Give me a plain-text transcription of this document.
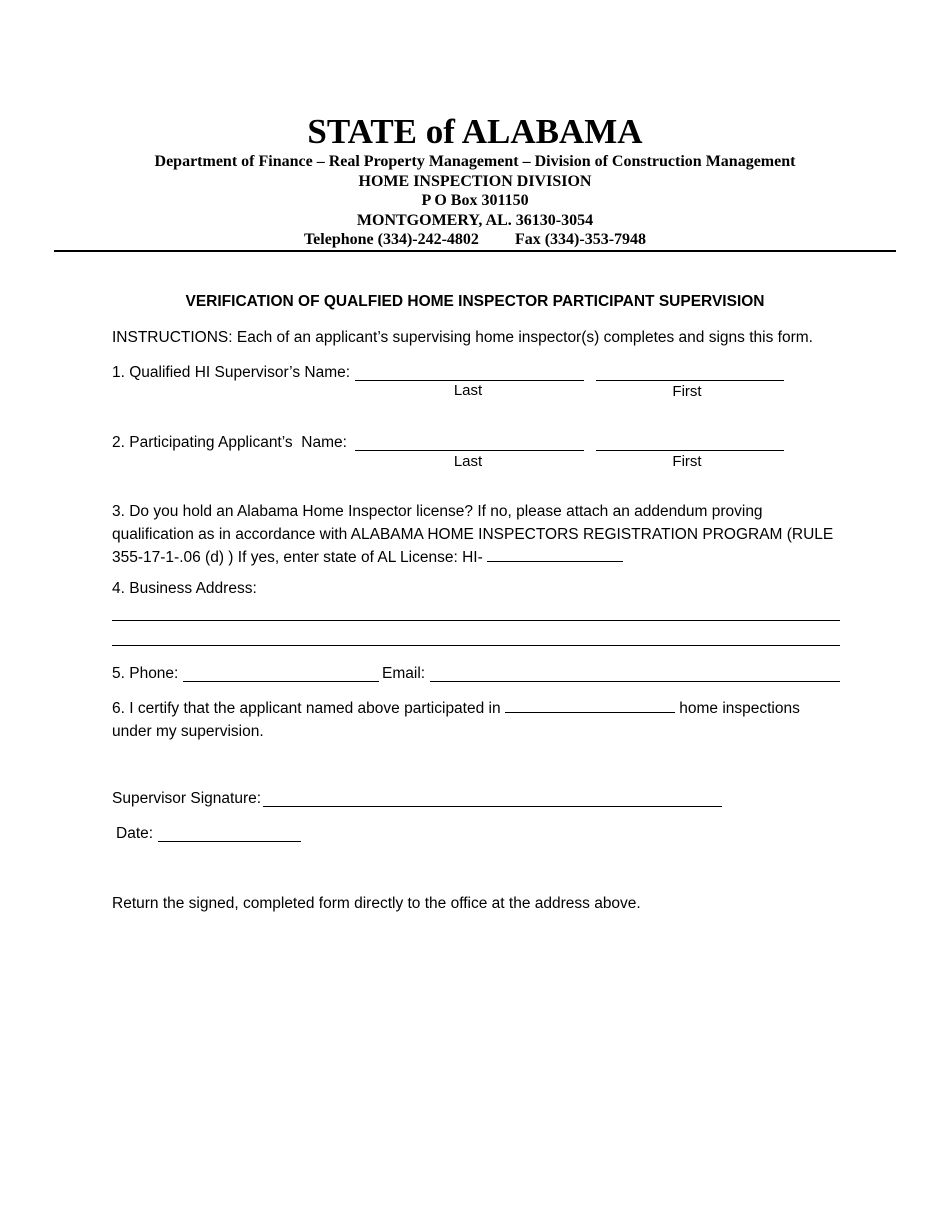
STATE of ALABAMA
Department of Finance – Real Property Management – Division of Construction Management
HOME INSPECTION DIVISION
P O Box 301150
MONTGOMERY, AL. 36130-3054
Telephone (334)-242-4802 Fax (334)-353-7948
VERIFICATION OF QUALFIED HOME INSPECTOR PARTICIPANT SUPERVISION
INSTRUCTIONS: Each of an applicant’s supervising home inspector(s) completes and signs this form.
1. Qualified HI Supervisor’s Name:
Last	First
2. Participating Applicant’s  Name:
Last	First
3. Do you hold an Alabama Home Inspector license? If no, please attach an addendum proving qualification as in accordance with ALABAMA HOME INSPECTORS REGISTRATION PROGRAM (RULE 355-17-1-.06 (d) ) If yes, enter state of AL License: HI-
4. Business Address:
5. Phone:	Email:
6. I certify that the applicant named above participated in	home inspections under my supervision.
Supervisor Signature:
Date:
Return the signed, completed form directly to the office at the address above.
